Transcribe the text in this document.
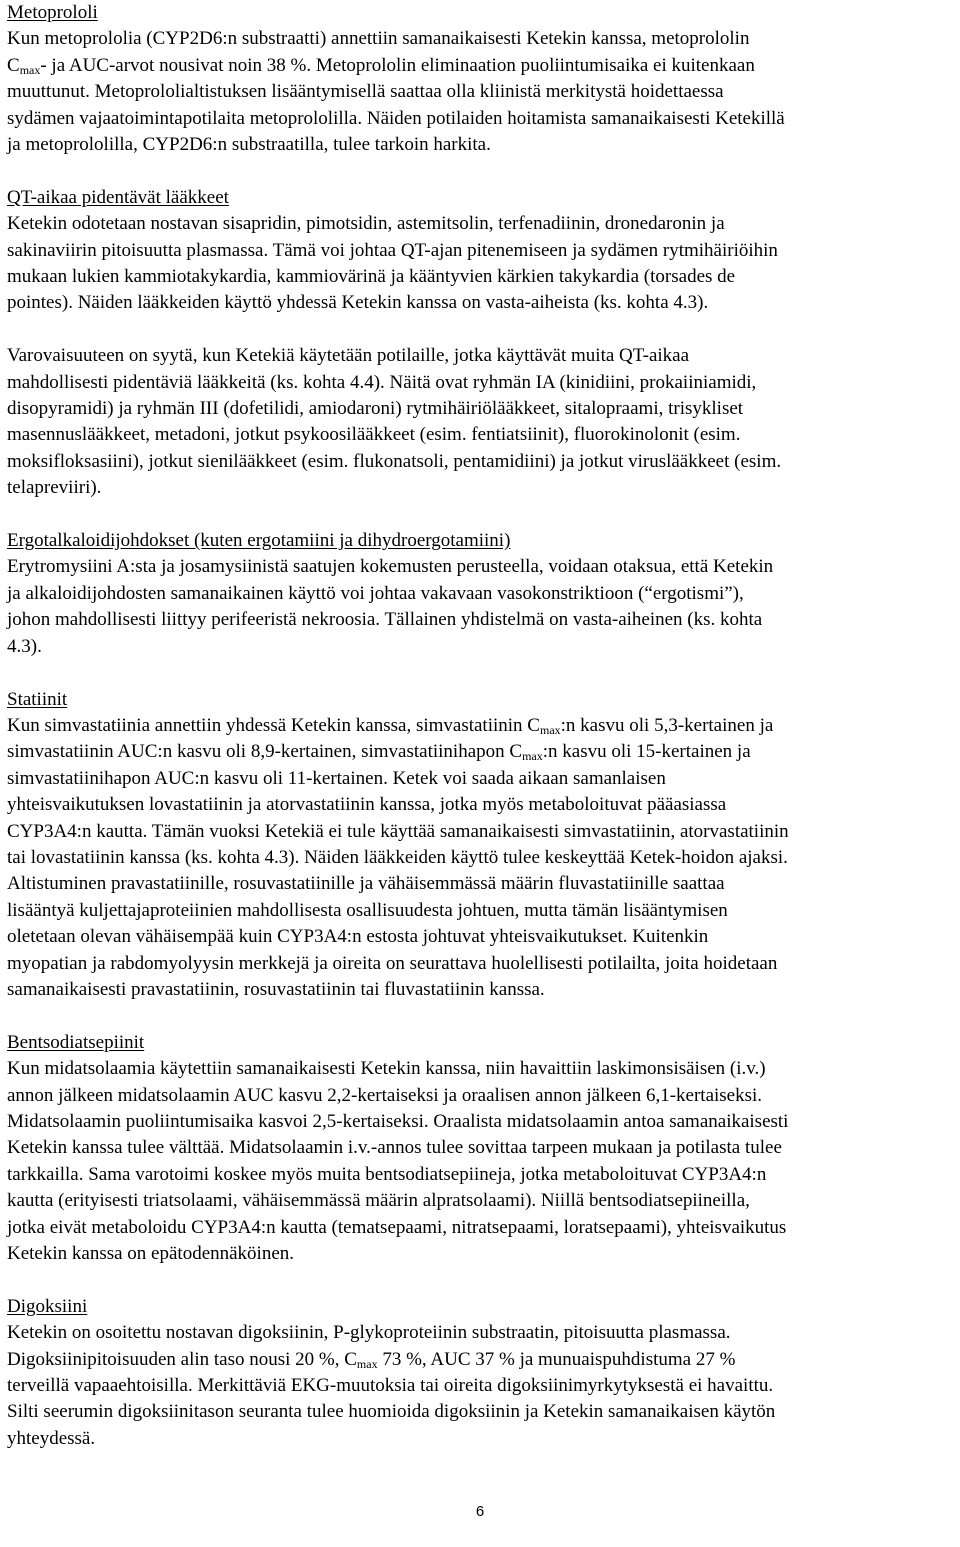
Metoprololi
Kun metoprololia (CYP2D6:n substraatti) annettiin samanaikaisesti Ketekin kanssa, metoprololin
$C_{max}-$ ja AUC-arvot nousivat noin 38 %. Metoprololin eliminaation puoliintumisaika ei kuitenkaan
muuttunut. Metoprololialtistuksen lisääntymisellä saattaa olla kliinistä merkitystä hoidettaessa
sydämen vajaatoimintapotilaita metoprololilla. Näiden potilaiden hoitamista samanaikaisesti Ketekillä
ja metoprololilla, CYP2D6:n substraatilla, tulee tarkoin harkita.
QT-aikaa pidentävät lääkkeet
Ketekin odotetaan nostavan sisapridin, pimotsidin, astemitsolin, terfenadiinin, dronedaronin ja
sakinaviirin pitoisuutta plasmassa. Tämä voi johtaa QT-ajan pitenemiseen ja sydämen rytmihäiriöihin
mukaan lukien kammiotakykardia, kammiovärinä ja kääntyvien kärkien takykardia (torsades de
pointes). Näiden lääkkeiden käyttö yhdessä Ketekin kanssa on vasta-aiheista (ks. kohta 4.3).
Varovaisuuteen on syytä, kun Ketekiä käytetään potilaille, jotka käyttävät muita QT-aikaa
mahdollisesti pidentäviä lääkkeitä (ks. kohta 4.4). Näitä ovat ryhmän IA (kinidiini, prokaiiniamidi,
disopyramidi) ja ryhmän III (dofetilidi, amiodaroni) rytmihäiriölääkkeet, sitalopraami, trisykliset
masennuslääkkeet, metadoni, jotkut psykoosilääkkeet (esim. fentiatsiinit), fluorokinolonit (esim.
moksifloksasiini), jotkut sienilääkkeet (esim. flukonatsoli, pentamidiini) ja jotkut viruslääkkeet (esim.
telapreviiri).
Ergotalkaloidijohdokset (kuten ergotamiini ja dihydroergotamiini)
Erytromysiini A:sta ja josamysiinistä saatujen kokemusten perusteella, voidaan otaksua, että Ketekin
ja alkaloidijohdosten samanaikainen käyttö voi johtaa vakavaan vasokonstriktioon (“ergotismi”),
johon mahdollisesti liittyy perifeeristä nekroosia. Tällainen yhdistelmä on vasta-aiheinen (ks. kohta
4.3).
Statiinit
Kun simvastatiinia annettiin yhdessä Ketekin kanssa, simvastatiinin $C_{max}:n$ kasvu oli 5,3-kertainen ja
simvastatiinin AUC:n kasvu oli 8,9-kertainen, simvastatiinihapon $C_{max}:n$ kasvu oli 15-kertainen ja
simvastatiinihapon AUC:n kasvu oli 11-kertainen. Ketek voi saada aikaan samanlaisen
yhteisvaikutuksen lovastatiinin ja atorvastatiinin kanssa, jotka myös metaboloituvat pääasiassa
CYP3A4:n kautta. Tämän vuoksi Ketekiä ei tule käyttää samanaikaisesti simvastatiinin, atorvastatiinin
tai lovastatiinin kanssa (ks. kohta 4.3). Näiden lääkkeiden käyttö tulee keskeyttää Ketek-hoidon ajaksi.
Altistuminen pravastatiinille, rosuvastatiinille ja vähäisemmässä määrin fluvastatiinille saattaa
lisääntyä kuljettajaproteiinien mahdollisesta osallisuudesta johtuen, mutta tämän lisääntymisen
oletetaan olevan vähäisempää kuin CYP3A4:n estosta johtuvat yhteisvaikutukset. Kuitenkin
myopatian ja rabdomyolyysin merkkejä ja oireita on seurattava huolellisesti potilailta, joita hoidetaan
samanaikaisesti pravastatiinin, rosuvastatiinin tai fluvastatiinin kanssa.
Bentsodiatsepiinit
Kun midatsolaamia käytettiin samanaikaisesti Ketekin kanssa, niin havaittiin laskimonsisäisen (i.v.)
annon jälkeen midatsolaamin AUC kasvu 2,2-kertaiseksi ja oraalisen annon jälkeen 6,1-kertaiseksi.
Midatsolaamin puoliintumisaika kasvoi 2,5-kertaiseksi. Oraalista midatsolaamin antoa samanaikaisesti
Ketekin kanssa tulee välttää. Midatsolaamin i.v.-annos tulee sovittaa tarpeen mukaan ja potilasta tulee
tarkkailla. Sama varotoimi koskee myös muita bentsodiatsepiineja, jotka metaboloituvat CYP3A4:n
kautta (erityisesti triatsolaami, vähäisemmässä määrin alpratsolaami). Niillä bentsodiatsepiineilla,
jotka eivät metaboloidu CYP3A4:n kautta (tematsepaami, nitratsepaami, loratsepaami), yhteisvaikutus
Ketekin kanssa on epätodennäköinen.
Digoksiini
Ketekin on osoitettu nostavan digoksiinin, P-glykoproteiinin substraatin, pitoisuutta plasmassa.
Digoksiinipitoisuuden alin taso nousi 20 %, $C_{max}$ 73 %, AUC 37 % ja munuaispuhdistuma 27 %
terveillä vapaaehtoisilla. Merkittäviä EKG-muutoksia tai oireita digoksiinimyrkytyksestä ei havaittu.
Silti seerumin digoksiinitason seuranta tulee huomioida digoksiinin ja Ketekin samanaikaisen käytön
yhteydessä.
6
